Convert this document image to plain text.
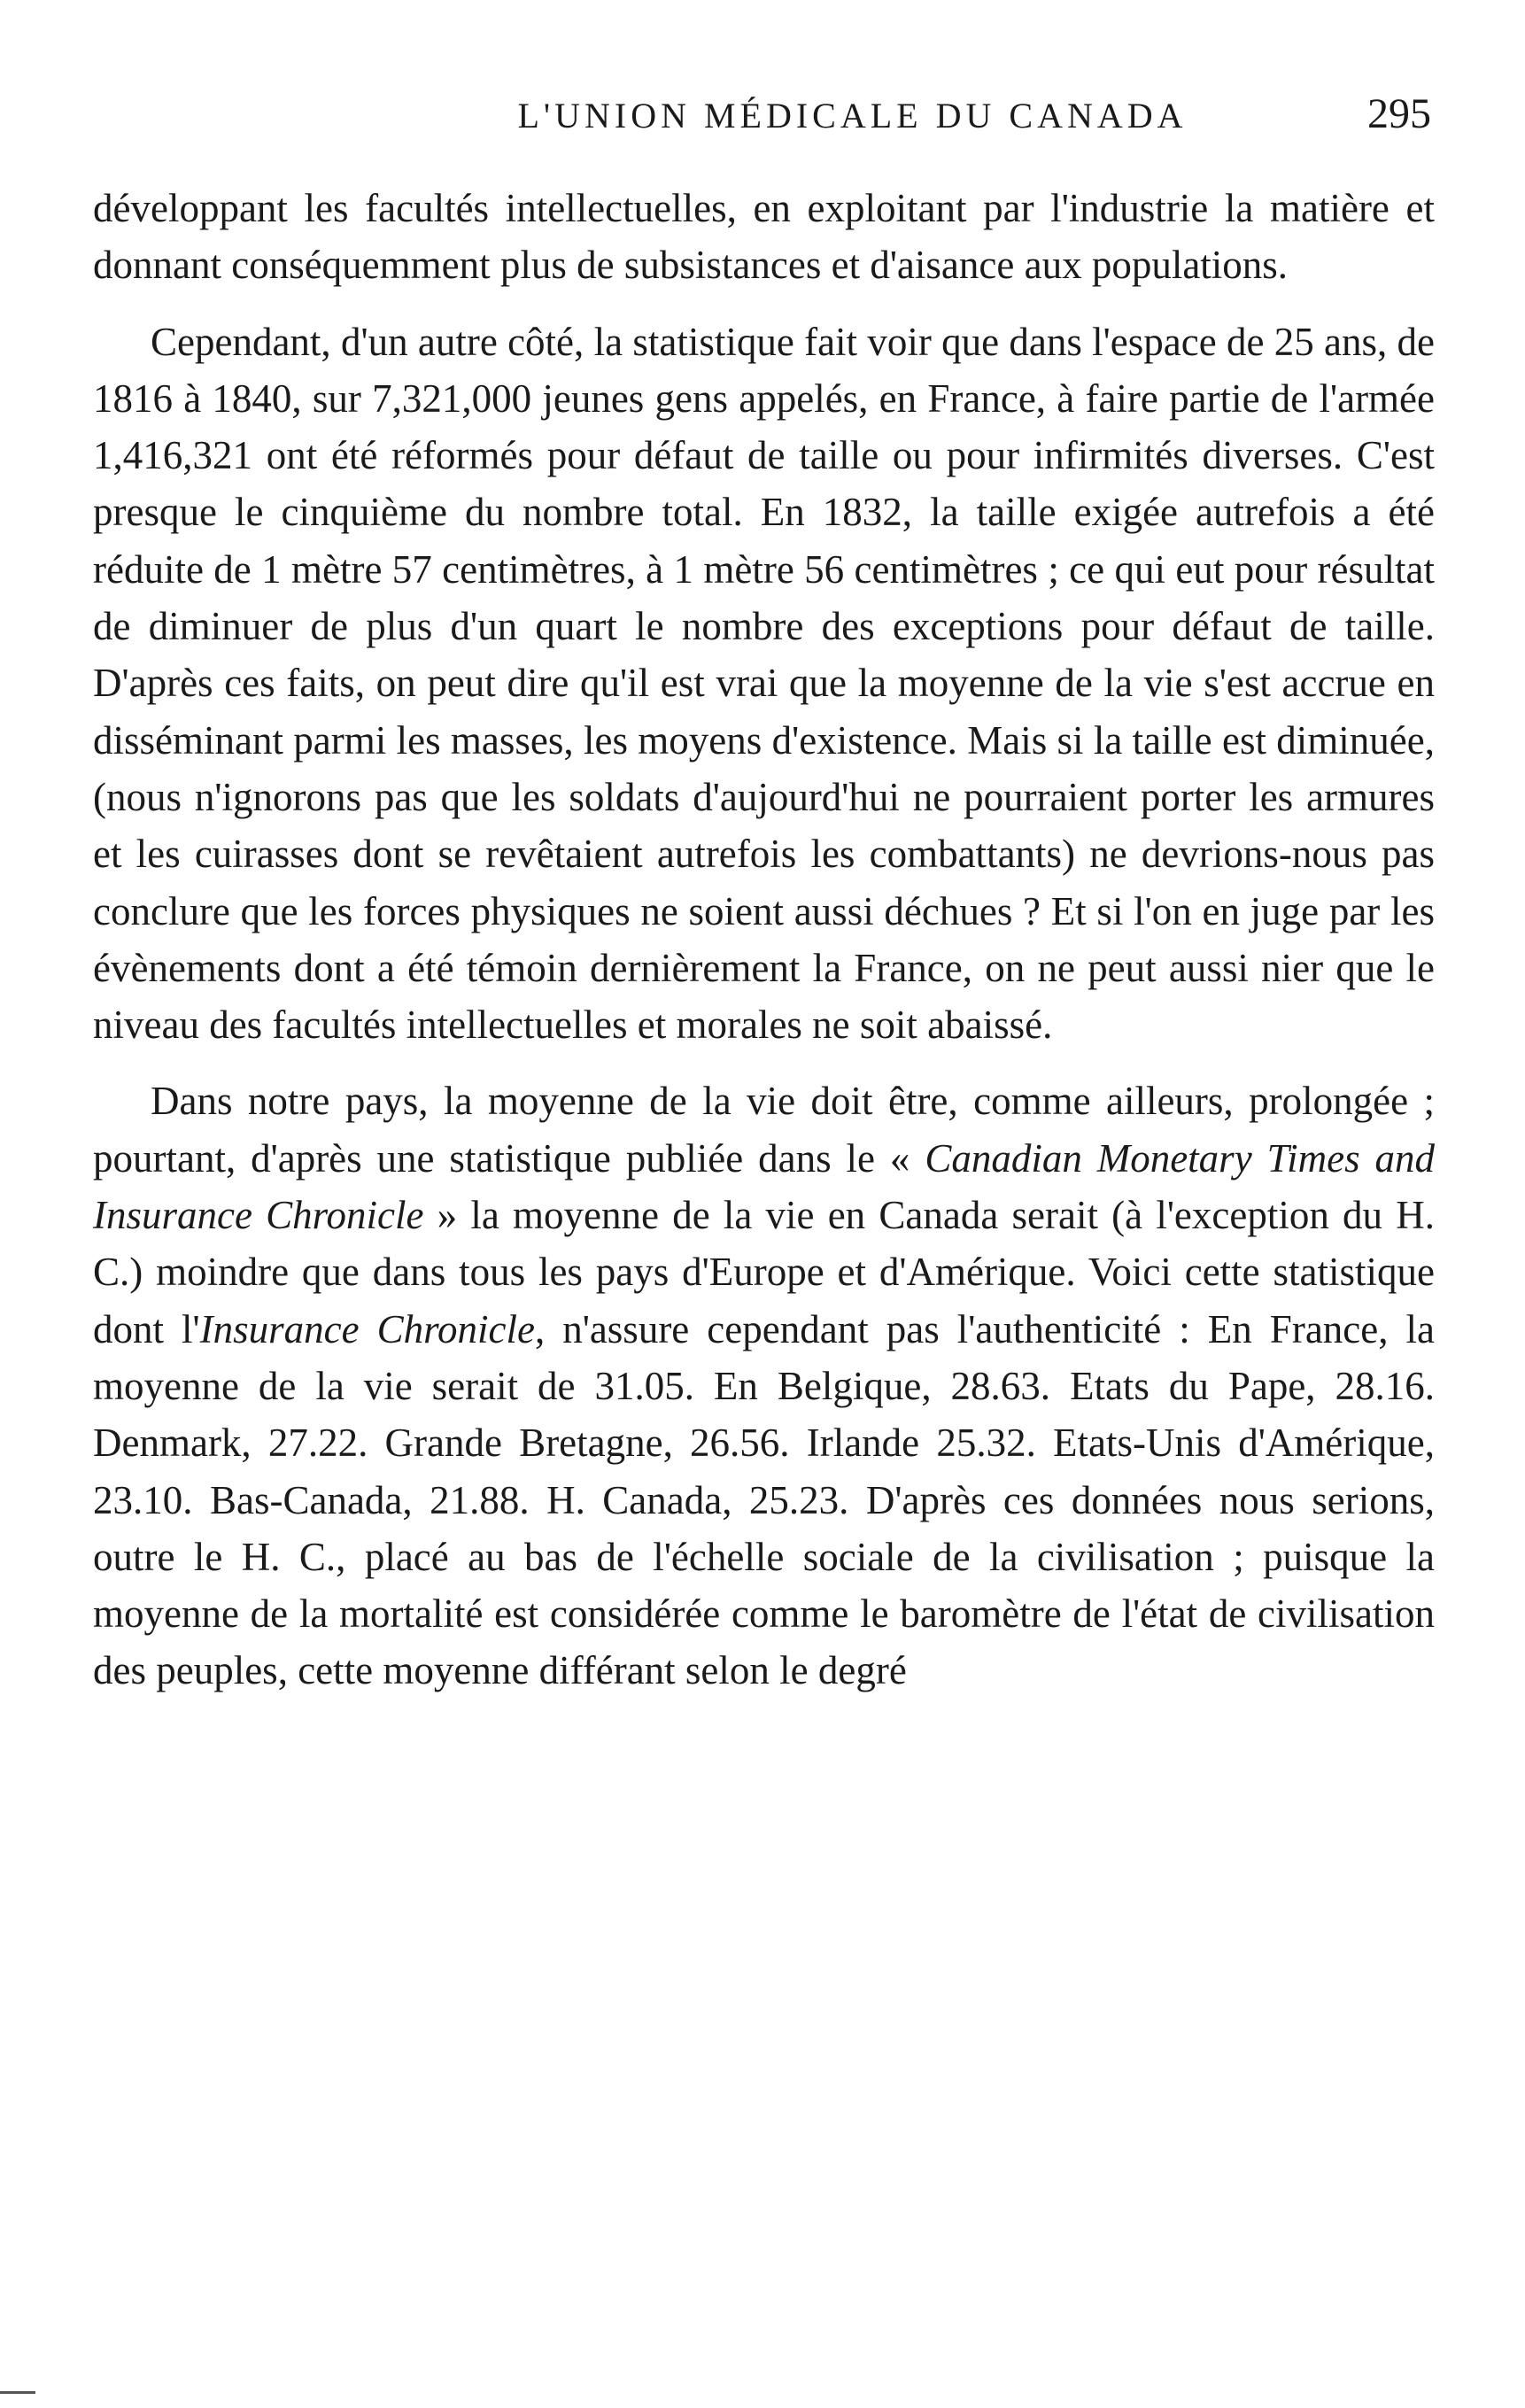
L'UNION MÉDICALE DU CANADA	295

développant les facultés intellectuelles, en exploitant par l'industrie la matière et donnant conséquemment plus de subsistances et d'aisance aux populations.

Cependant, d'un autre côté, la statistique fait voir que dans l'espace de 25 ans, de 1816 à 1840, sur 7,321,000 jeunes gens appelés, en France, à faire partie de l'armée 1,416,321 ont été réformés pour défaut de taille ou pour infirmités diverses. C'est presque le cinquième du nombre total. En 1832, la taille exigée autrefois a été réduite de 1 mètre 57 centimètres, à 1 mètre 56 centimètres ; ce qui eut pour résultat de diminuer de plus d'un quart le nombre des exceptions pour défaut de taille. D'après ces faits, on peut dire qu'il est vrai que la moyenne de la vie s'est accrue en disséminant parmi les masses, les moyens d'existence. Mais si la taille est diminuée, (nous n'ignorons pas que les soldats d'aujourd'hui ne pourraient porter les armures et les cuirasses dont se revêtaient autrefois les combattants) ne devrions-nous pas conclure que les forces physiques ne soient aussi déchues ? Et si l'on en juge par les évènements dont a été témoin dernièrement la France, on ne peut aussi nier que le niveau des facultés intellectuelles et morales ne soit abaissé.

Dans notre pays, la moyenne de la vie doit être, comme ailleurs, prolongée ; pourtant, d'après une statistique publiée dans le « Canadian Monetary Times and Insurance Chronicle » la moyenne de la vie en Canada serait (à l'exception du H. C.) moindre que dans tous les pays d'Europe et d'Amérique. Voici cette statistique dont l'Insurance Chronicle, n'assure cependant pas l'authenticité : En France, la moyenne de la vie serait de 31.05. En Belgique, 28.63. Etats du Pape, 28.16. Denmark, 27.22. Grande Bretagne, 26.56. Irlande 25.32. Etats-Unis d'Amérique, 23.10. Bas-Canada, 21.88. H. Canada, 25.23. D'après ces données nous serions, outre le H. C., placé au bas de l'échelle sociale de la civilisation ; puisque la moyenne de la mortalité est considérée comme le baromètre de l'état de civilisation des peuples, cette moyenne différant selon le degré
